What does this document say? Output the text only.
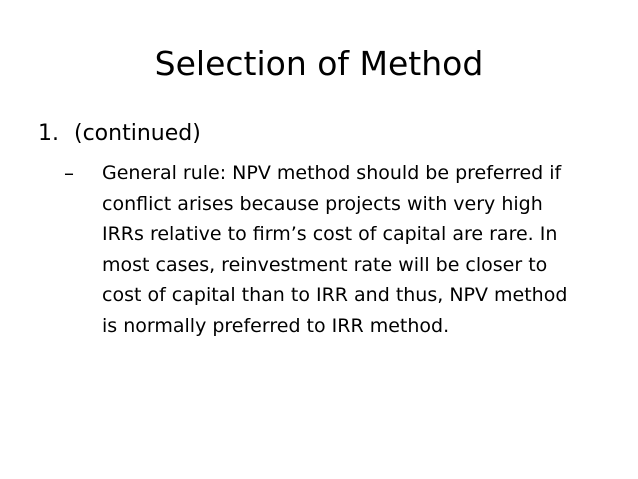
Selection of Method
1. (continued)
– General rule: NPV method should be preferred if
conflict arises because projects with very high
IRRs relative to firm’s cost of capital are rare. In
most cases, reinvestment rate will be closer to
cost of capital than to IRR and thus, NPV method
is normally preferred to IRR method.
